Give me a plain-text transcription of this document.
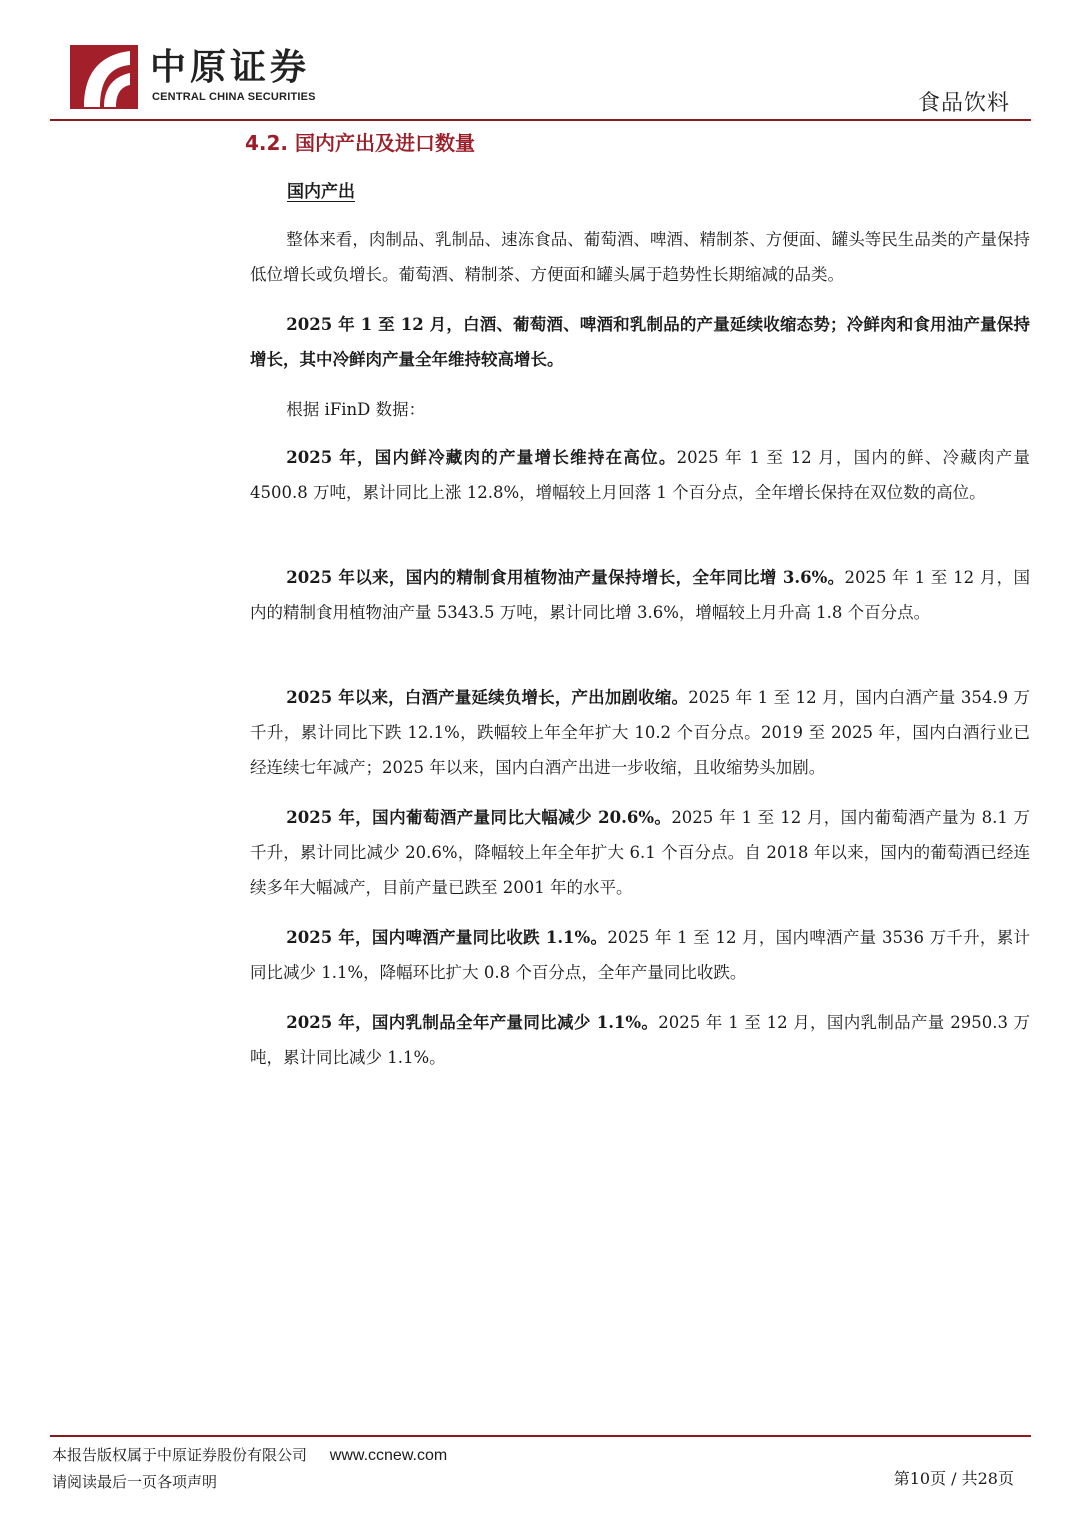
中原证券
CENTRAL CHINA SECURITIES	食品饮料
4.2. 国内产出及进口数量
国内产出

整体来看，肉制品、乳制品、速冻食品、葡萄酒、啤酒、精制茶、方便面、罐头等民生品类的产量保持低位增长或负增长。葡萄酒、精制茶、方便面和罐头属于趋势性长期缩减的品类。

2025 年 1 至 12 月，白酒、葡萄酒、啤酒和乳制品的产量延续收缩态势；冷鲜肉和食用油产量保持增长，其中冷鲜肉产量全年维持较高增长。

根据 iFinD 数据：

2025 年，国内鲜冷藏肉的产量增长维持在高位。2025 年 1 至 12 月，国内的鲜、冷藏肉产量 4500.8 万吨，累计同比上涨 12.8%，增幅较上月回落 1 个百分点，全年增长保持在双位数的高位。

2025 年以来，国内的精制食用植物油产量保持增长，全年同比增 3.6%。2025 年 1 至 12 月，国内的精制食用植物油产量 5343.5 万吨，累计同比增 3.6%，增幅较上月升高 1.8 个百分点。

2025 年以来，白酒产量延续负增长，产出加剧收缩。2025 年 1 至 12 月，国内白酒产量 354.9 万千升，累计同比下跌 12.1%，跌幅较上年全年扩大 10.2 个百分点。2019 至 2025 年，国内白酒行业已经连续七年减产；2025 年以来，国内白酒产出进一步收缩，且收缩势头加剧。

2025 年，国内葡萄酒产量同比大幅减少 20.6%。2025 年 1 至 12 月，国内葡萄酒产量为 8.1 万千升，累计同比减少 20.6%，降幅较上年全年扩大 6.1 个百分点。自 2018 年以来，国内的葡萄酒已经连续多年大幅减产，目前产量已跌至 2001 年的水平。

2025 年，国内啤酒产量同比收跌 1.1%。2025 年 1 至 12 月，国内啤酒产量 3536 万千升，累计同比减少 1.1%，降幅环比扩大 0.8 个百分点，全年产量同比收跌。

2025 年，国内乳制品全年产量同比减少 1.1%。2025 年 1 至 12 月，国内乳制品产量 2950.3 万吨，累计同比减少 1.1%。

本报告版权属于中原证券股份有限公司 www.ccnew.com
请阅读最后一页各项声明	第10页 / 共28页
